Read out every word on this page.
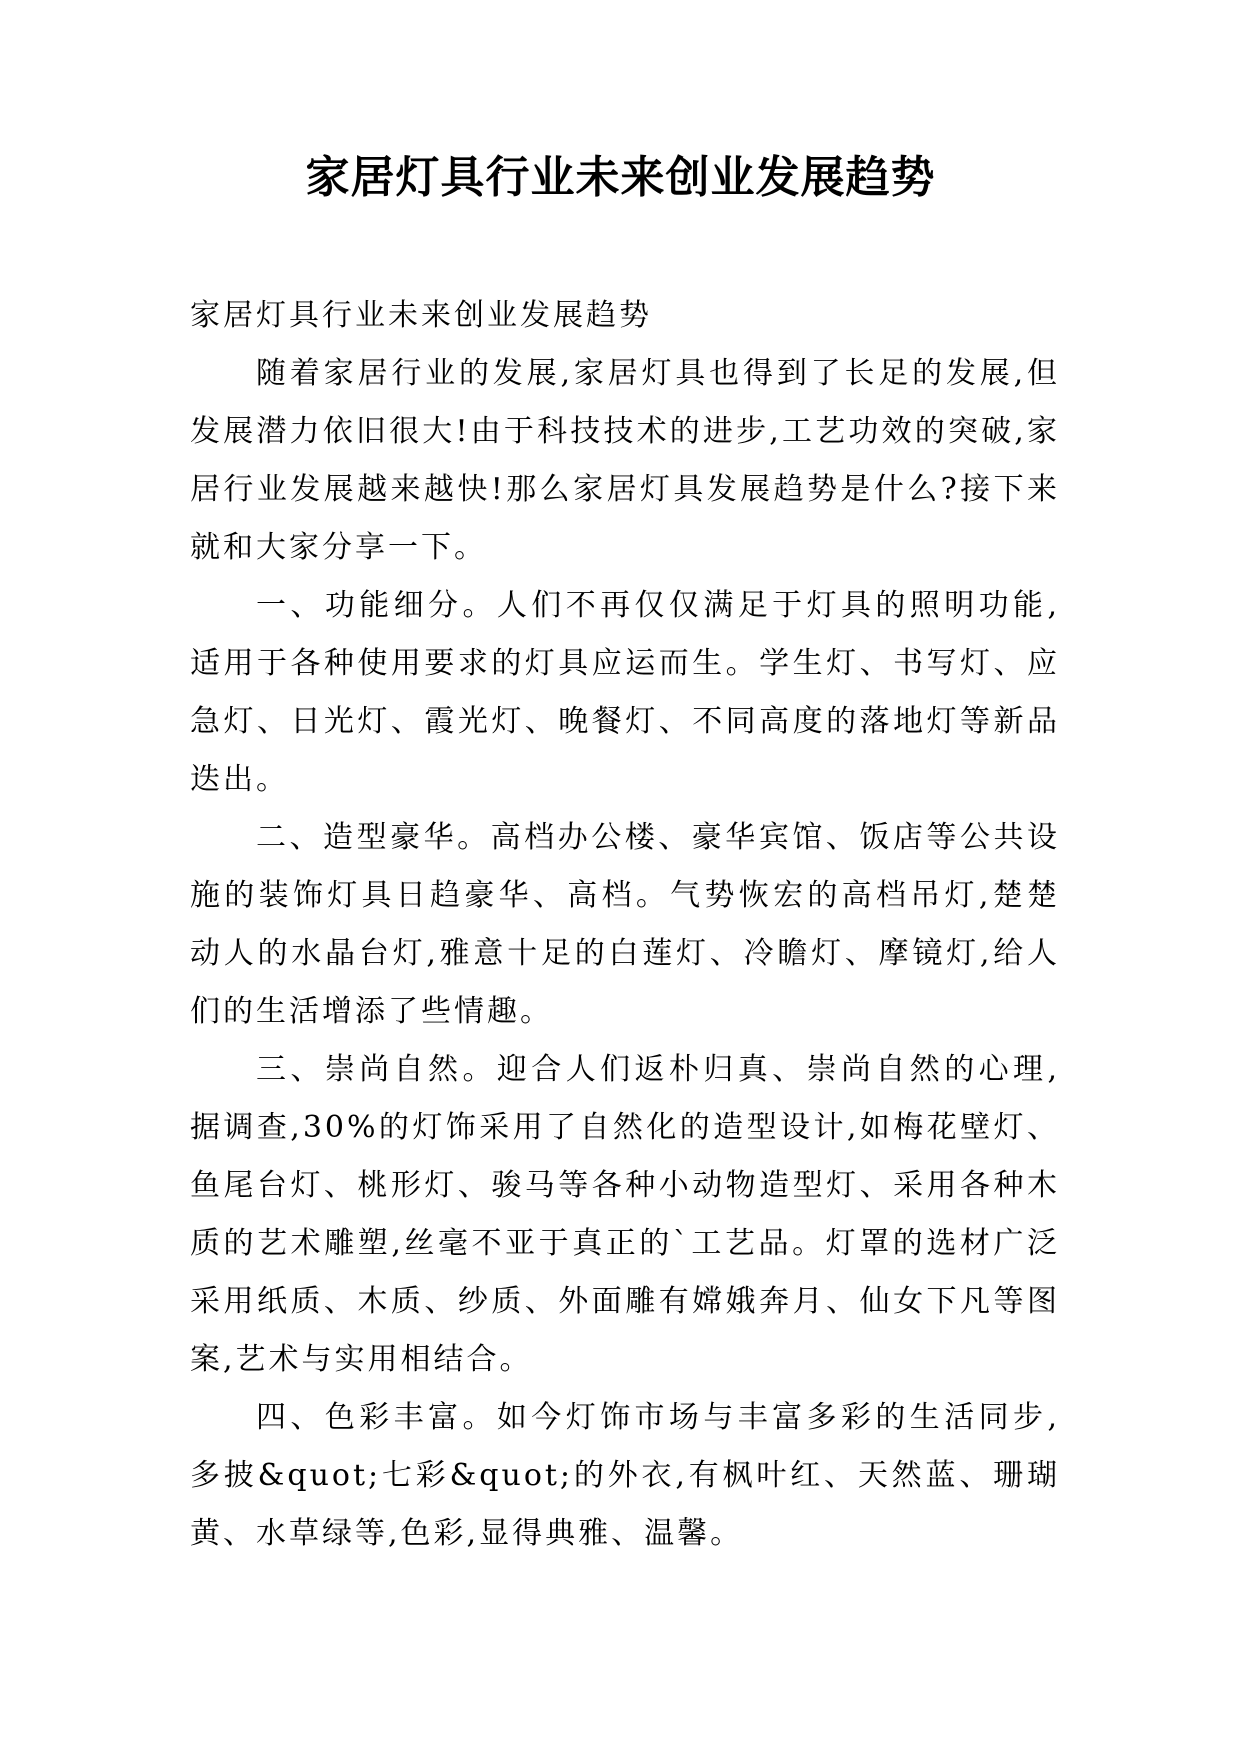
家居灯具行业未来创业发展趋势

家居灯具行业未来创业发展趋势

随着家居行业的发展,家居灯具也得到了长足的发展,但发展潜力依旧很大!由于科技技术的进步,工艺功效的突破,家居行业发展越来越快!那么家居灯具发展趋势是什么?接下来就和大家分享一下。

一、功能细分。人们不再仅仅满足于灯具的照明功能,适用于各种使用要求的灯具应运而生。学生灯、书写灯、应急灯、日光灯、霞光灯、晚餐灯、不同高度的落地灯等新品迭出。

二、造型豪华。高档办公楼、豪华宾馆、饭店等公共设施的装饰灯具日趋豪华、高档。气势恢宏的高档吊灯,楚楚动人的水晶台灯,雅意十足的白莲灯、冷瞻灯、摩镜灯,给人们的生活增添了些情趣。

三、崇尚自然。迎合人们返朴归真、崇尚自然的心理,据调查,30%的灯饰采用了自然化的造型设计,如梅花壁灯、鱼尾台灯、桃形灯、骏马等各种小动物造型灯、采用各种木质的艺术雕塑,丝毫不亚于真正的`工艺品。灯罩的选材广泛采用纸质、木质、纱质、外面雕有嫦娥奔月、仙女下凡等图案,艺术与实用相结合。

四、色彩丰富。如今灯饰市场与丰富多彩的生活同步,多披&quot;七彩&quot;的外衣,有枫叶红、天然蓝、珊瑚黄、水草绿等,色彩,显得典雅、温馨。
